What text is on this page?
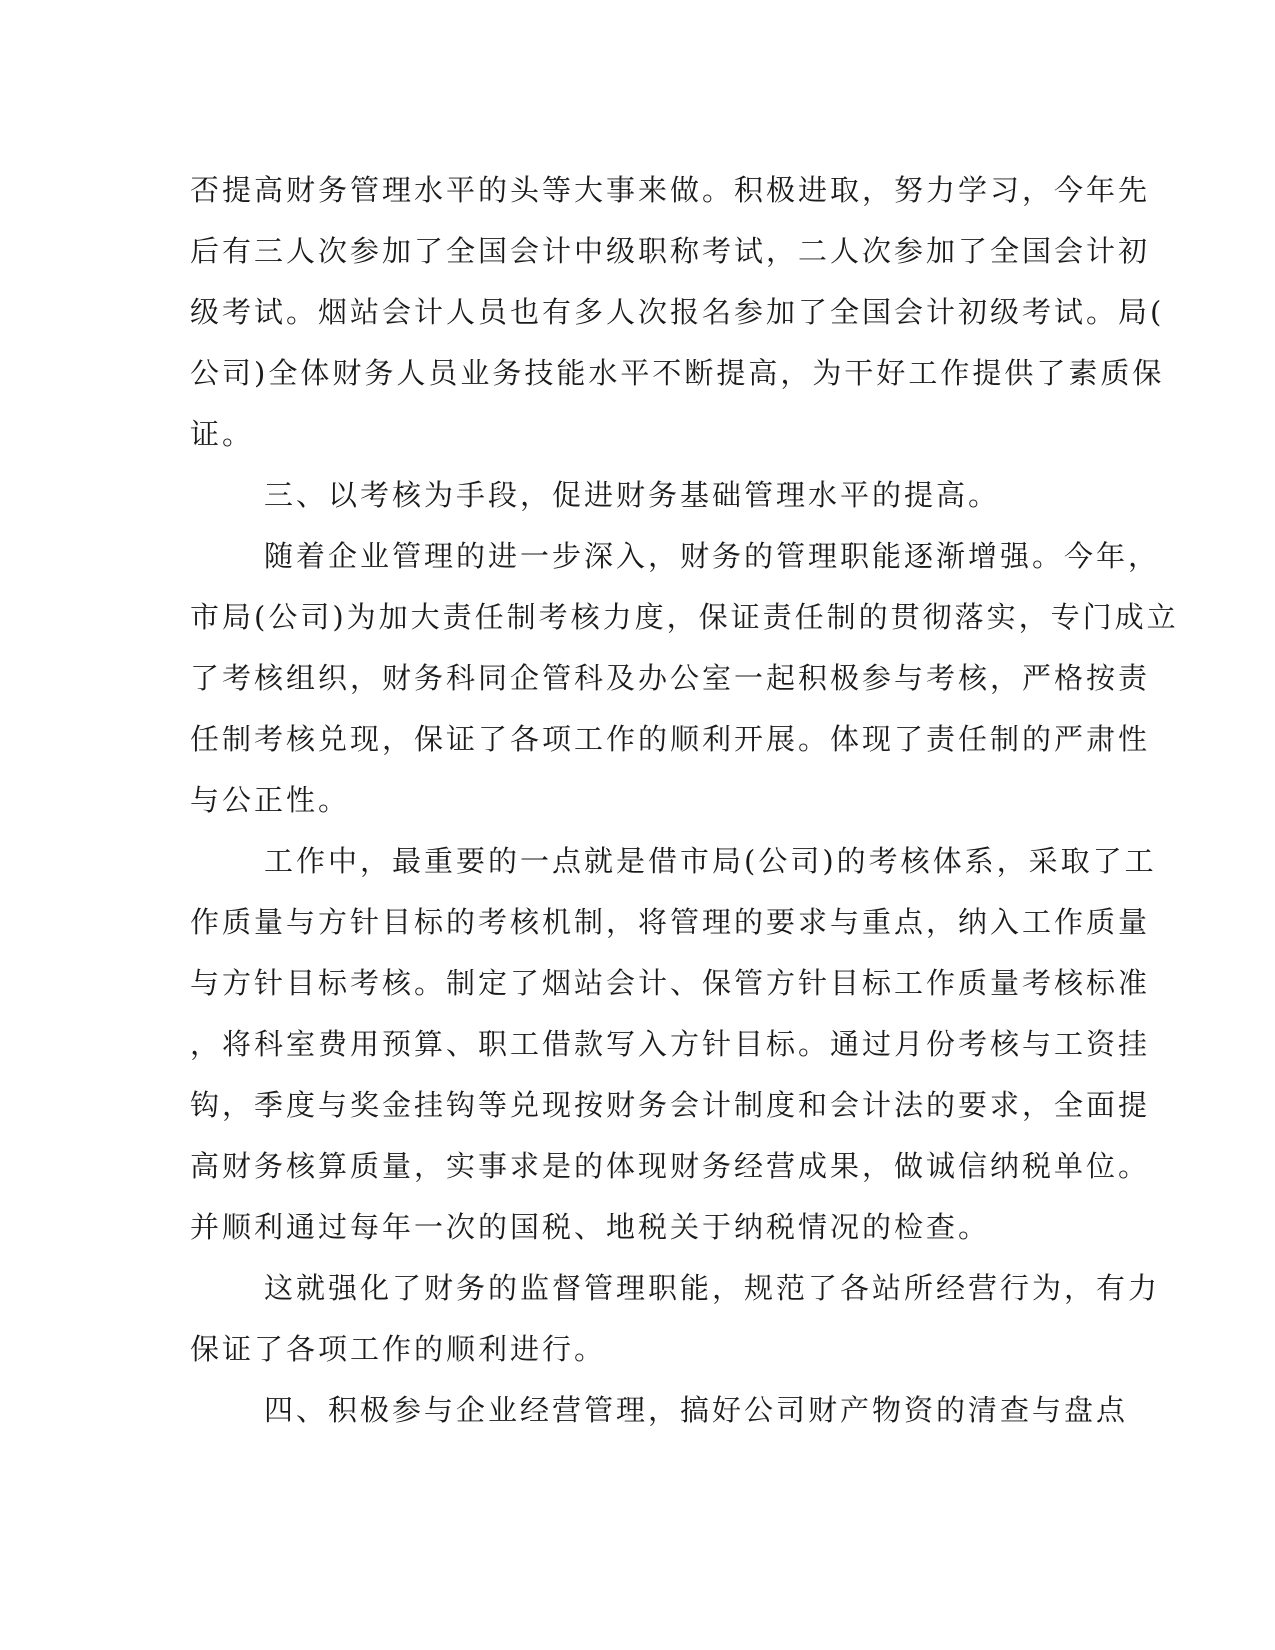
否提高财务管理水平的头等大事来做。积极进取，努力学习，今年先
后有三人次参加了全国会计中级职称考试，二人次参加了全国会计初
级考试。烟站会计人员也有多人次报名参加了全国会计初级考试。局(
公司)全体财务人员业务技能水平不断提高，为干好工作提供了素质保
证。
三、以考核为手段，促进财务基础管理水平的提高。
随着企业管理的进一步深入，财务的管理职能逐渐增强。今年，
市局(公司)为加大责任制考核力度，保证责任制的贯彻落实，专门成立
了考核组织，财务科同企管科及办公室一起积极参与考核，严格按责
任制考核兑现，保证了各项工作的顺利开展。体现了责任制的严肃性
与公正性。
工作中，最重要的一点就是借市局(公司)的考核体系，采取了工
作质量与方针目标的考核机制，将管理的要求与重点，纳入工作质量
与方针目标考核。制定了烟站会计、保管方针目标工作质量考核标准
，将科室费用预算、职工借款写入方针目标。通过月份考核与工资挂
钩，季度与奖金挂钩等兑现按财务会计制度和会计法的要求，全面提
高财务核算质量，实事求是的体现财务经营成果，做诚信纳税单位。
并顺利通过每年一次的国税、地税关于纳税情况的检查。
这就强化了财务的监督管理职能，规范了各站所经营行为，有力
保证了各项工作的顺利进行。
四、积极参与企业经营管理，搞好公司财产物资的清查与盘点
